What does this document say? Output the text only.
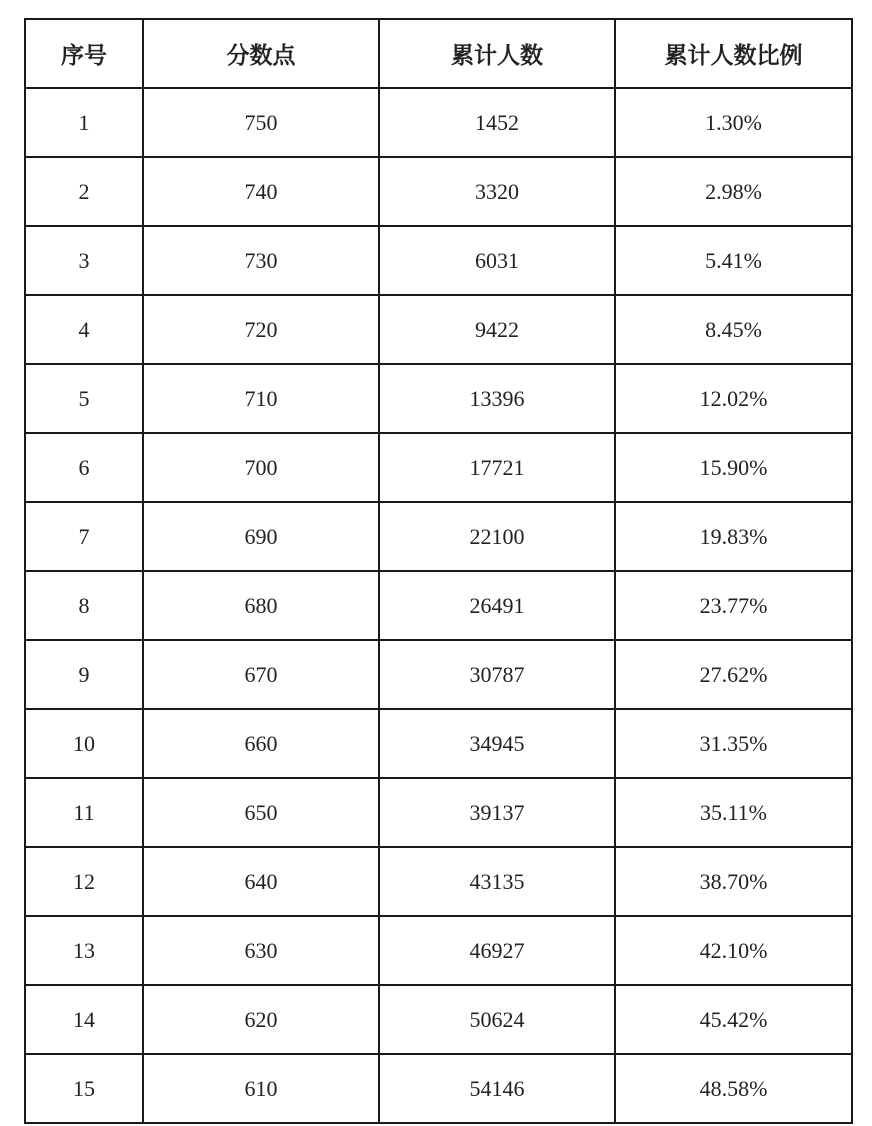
序号	分数点	累计人数	累计人数比例
1	750	1452	1.30%
2	740	3320	2.98%
3	730	6031	5.41%
4	720	9422	8.45%
5	710	13396	12.02%
6	700	17721	15.90%
7	690	22100	19.83%
8	680	26491	23.77%
9	670	30787	27.62%
10	660	34945	31.35%
11	650	39137	35.11%
12	640	43135	38.70%
13	630	46927	42.10%
14	620	50624	45.42%
15	610	54146	48.58%
